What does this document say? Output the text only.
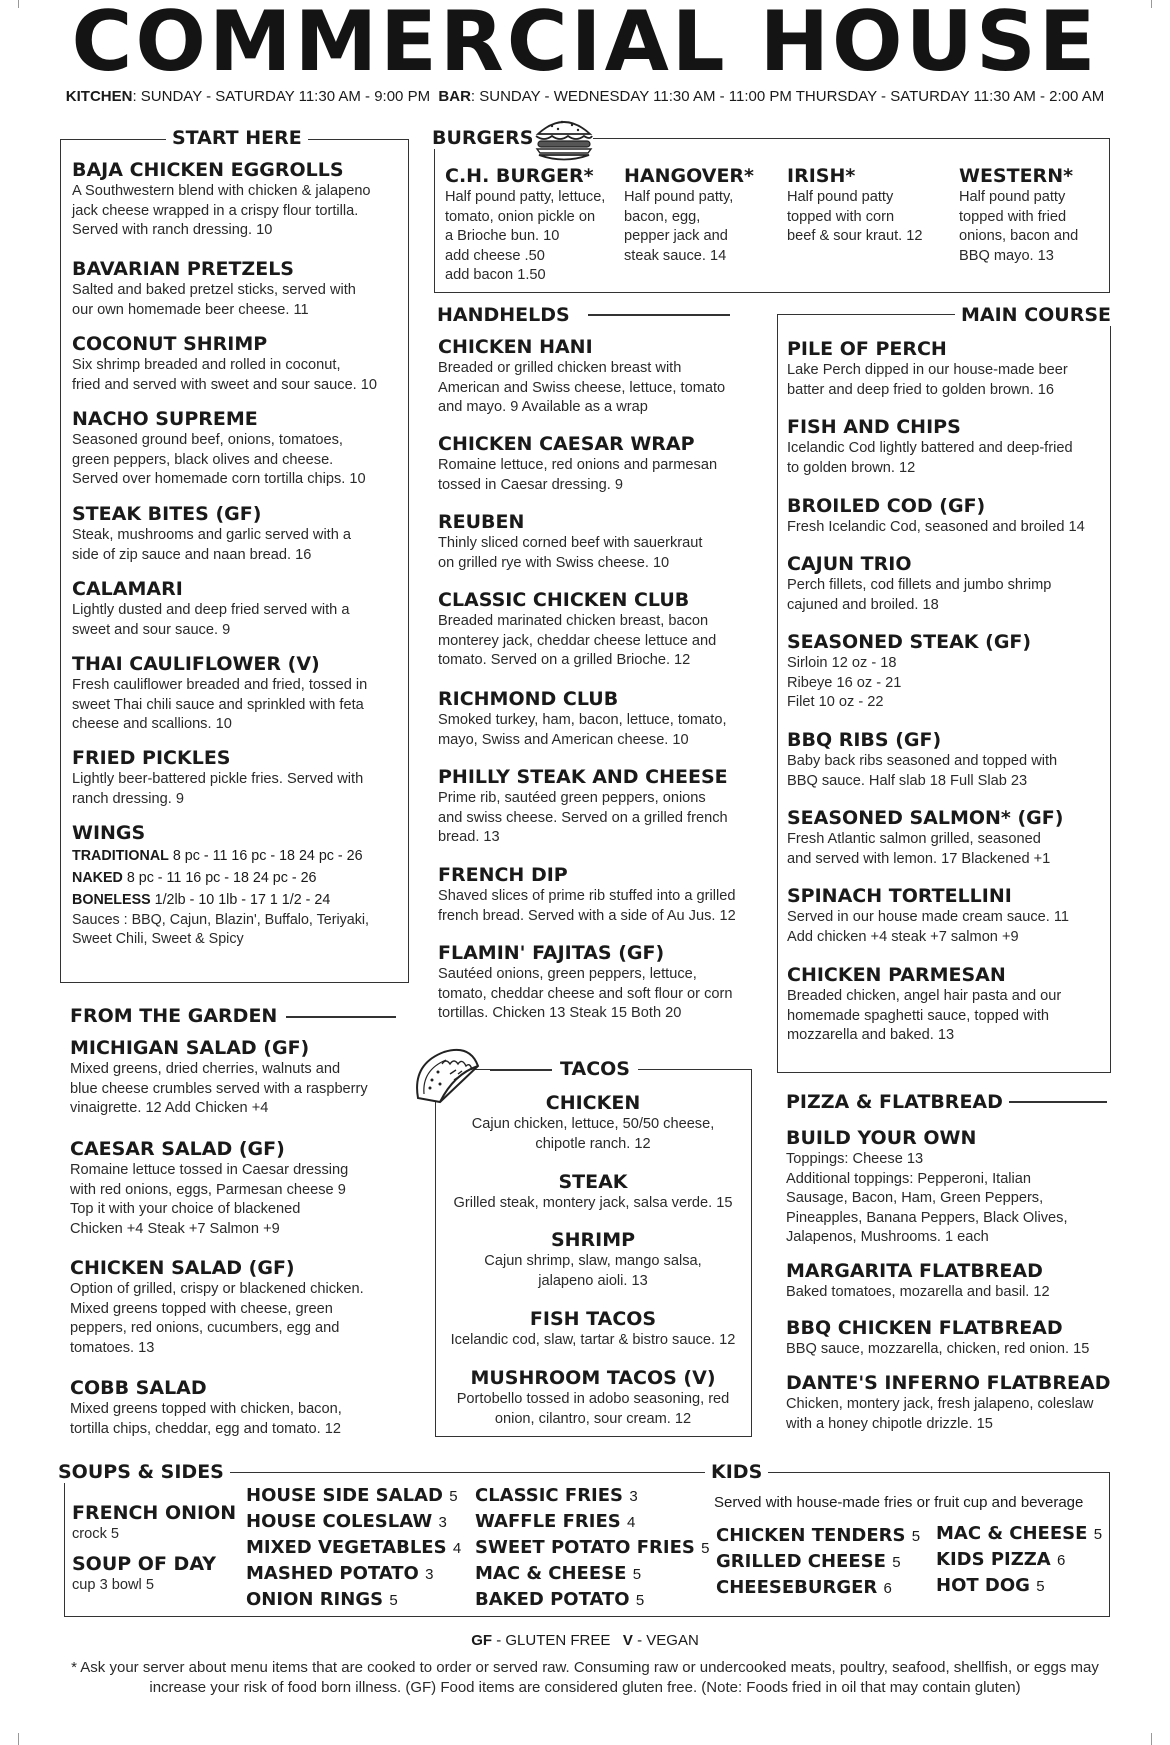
COMMERCIAL HOUSE
KITCHEN: SUNDAY - SATURDAY 11:30 AM - 9:00 PM BAR: SUNDAY - WEDNESDAY 11:30 AM - 11:00 PM THURSDAY - SATURDAY 11:30 AM - 2:00 AM
START HERE
BAJA CHICKEN EGGROLLS
A Southwestern blend with chicken & jalapeno
jack cheese wrapped in a crispy flour tortilla.
Served with ranch dressing. 10
BAVARIAN PRETZELS
Salted and baked pretzel sticks, served with
our own homemade beer cheese. 11
COCONUT SHRIMP
Six shrimp breaded and rolled in coconut,
fried and served with sweet and sour sauce. 10
NACHO SUPREME
Seasoned ground beef, onions, tomatoes,
green peppers, black olives and cheese.
Served over homemade corn tortilla chips. 10
STEAK BITES (GF)
Steak, mushrooms and garlic served with a
side of zip sauce and naan bread. 16
CALAMARI
Lightly dusted and deep fried served with a
sweet and sour sauce. 9
THAI CAULIFLOWER (V)
Fresh cauliflower breaded and fried, tossed in
sweet Thai chili sauce and sprinkled with feta
cheese and scallions. 10
FRIED PICKLES
Lightly beer-battered pickle fries. Served with
ranch dressing. 9
WINGS
TRADITIONAL 8 pc - 11 16 pc - 18 24 pc - 26
NAKED 8 pc - 11 16 pc - 18 24 pc - 26
BONELESS 1/2lb - 10 1lb - 17 1 1/2 - 24
Sauces : BBQ, Cajun, Blazin', Buffalo, Teriyaki,
Sweet Chili, Sweet & Spicy
BURGERS
C.H. BURGER*
Half pound patty, lettuce,
tomato, onion pickle on
a Brioche bun. 10
add cheese .50
add bacon 1.50
HANGOVER*
Half pound patty,
bacon, egg,
pepper jack and
steak sauce. 14
IRISH*
Half pound patty
topped with corn
beef & sour kraut. 12
WESTERN*
Half pound patty
topped with fried
onions, bacon and
BBQ mayo. 13
HANDHELDS
CHICKEN HANI
Breaded or grilled chicken breast with
American and Swiss cheese, lettuce, tomato
and mayo. 9 Available as a wrap
CHICKEN CAESAR WRAP
Romaine lettuce, red onions and parmesan
tossed in Caesar dressing. 9
REUBEN
Thinly sliced corned beef with sauerkraut
on grilled rye with Swiss cheese. 10
CLASSIC CHICKEN CLUB
Breaded marinated chicken breast, bacon
monterey jack, cheddar cheese lettuce and
tomato. Served on a grilled Brioche. 12
RICHMOND CLUB
Smoked turkey, ham, bacon, lettuce, tomato,
mayo, Swiss and American cheese. 10
PHILLY STEAK AND CHEESE
Prime rib, sautéed green peppers, onions
and swiss cheese. Served on a grilled french
bread. 13
FRENCH DIP
Shaved slices of prime rib stuffed into a grilled
french bread. Served with a side of Au Jus. 12
FLAMIN' FAJITAS (GF)
Sautéed onions, green peppers, lettuce,
tomato, cheddar cheese and soft flour or corn
tortillas. Chicken 13 Steak 15 Both 20
MAIN COURSE
PILE OF PERCH
Lake Perch dipped in our house-made beer
batter and deep fried to golden brown. 16
FISH AND CHIPS
Icelandic Cod lightly battered and deep-fried
to golden brown. 12
BROILED COD (GF)
Fresh Icelandic Cod, seasoned and broiled 14
CAJUN TRIO
Perch fillets, cod fillets and jumbo shrimp
cajuned and broiled. 18
SEASONED STEAK (GF)
Sirloin 12 oz - 18
Ribeye 16 oz - 21
Filet 10 oz - 22
BBQ RIBS (GF)
Baby back ribs seasoned and topped with
BBQ sauce. Half slab 18 Full Slab 23
SEASONED SALMON* (GF)
Fresh Atlantic salmon grilled, seasoned
and served with lemon. 17 Blackened +1
SPINACH TORTELLINI
Served in our house made cream sauce. 11
Add chicken +4 steak +7 salmon +9
CHICKEN PARMESAN
Breaded chicken, angel hair pasta and our
homemade spaghetti sauce, topped with
mozzarella and baked. 13
FROM THE GARDEN
MICHIGAN SALAD (GF)
Mixed greens, dried cherries, walnuts and
blue cheese crumbles served with a raspberry
vinaigrette. 12 Add Chicken +4
CAESAR SALAD (GF)
Romaine lettuce tossed in Caesar dressing
with red onions, eggs, Parmesan cheese 9
Top it with your choice of blackened
Chicken +4 Steak +7 Salmon +9
CHICKEN SALAD (GF)
Option of grilled, crispy or blackened chicken.
Mixed greens topped with cheese, green
peppers, red onions, cucumbers, egg and
tomatoes. 13
COBB SALAD
Mixed greens topped with chicken, bacon,
tortilla chips, cheddar, egg and tomato. 12
TACOS
CHICKEN
Cajun chicken, lettuce, 50/50 cheese,
chipotle ranch. 12
STEAK
Grilled steak, montery jack, salsa verde. 15
SHRIMP
Cajun shrimp, slaw, mango salsa,
jalapeno aioli. 13
FISH TACOS
Icelandic cod, slaw, tartar & bistro sauce. 12
MUSHROOM TACOS (V)
Portobello tossed in adobo seasoning, red
onion, cilantro, sour cream. 12
PIZZA & FLATBREAD
BUILD YOUR OWN
Toppings: Cheese 13
Additional toppings: Pepperoni, Italian
Sausage, Bacon, Ham, Green Peppers,
Pineapples, Banana Peppers, Black Olives,
Jalapenos, Mushrooms. 1 each
MARGARITA FLATBREAD
Baked tomatoes, mozarella and basil. 12
BBQ CHICKEN FLATBREAD
BBQ sauce, mozzarella, chicken, red onion. 15
DANTE'S INFERNO FLATBREAD
Chicken, montery jack, fresh jalapeno, coleslaw
with a honey chipotle drizzle. 15
SOUPS & SIDES	KIDS
FRENCH ONION
crock 5
SOUP OF DAY
cup 3 bowl 5
HOUSE SIDE SALAD 5
HOUSE COLESLAW 3
MIXED VEGETABLES 4
MASHED POTATO 3
ONION RINGS 5
CLASSIC FRIES 3
WAFFLE FRIES 4
SWEET POTATO FRIES 5
MAC & CHEESE 5
BAKED POTATO 5
Served with house-made fries or fruit cup and beverage
CHICKEN TENDERS 5
GRILLED CHEESE 5
CHEESEBURGER 6
MAC & CHEESE 5
KIDS PIZZA 6
HOT DOG 5
GF - GLUTEN FREE V - VEGAN
* Ask your server about menu items that are cooked to order or served raw. Consuming raw or undercooked meats, poultry, seafood, shellfish, or eggs may increase your risk of food born illness. (GF) Food items are considered gluten free. (Note: Foods fried in oil that may contain gluten)
